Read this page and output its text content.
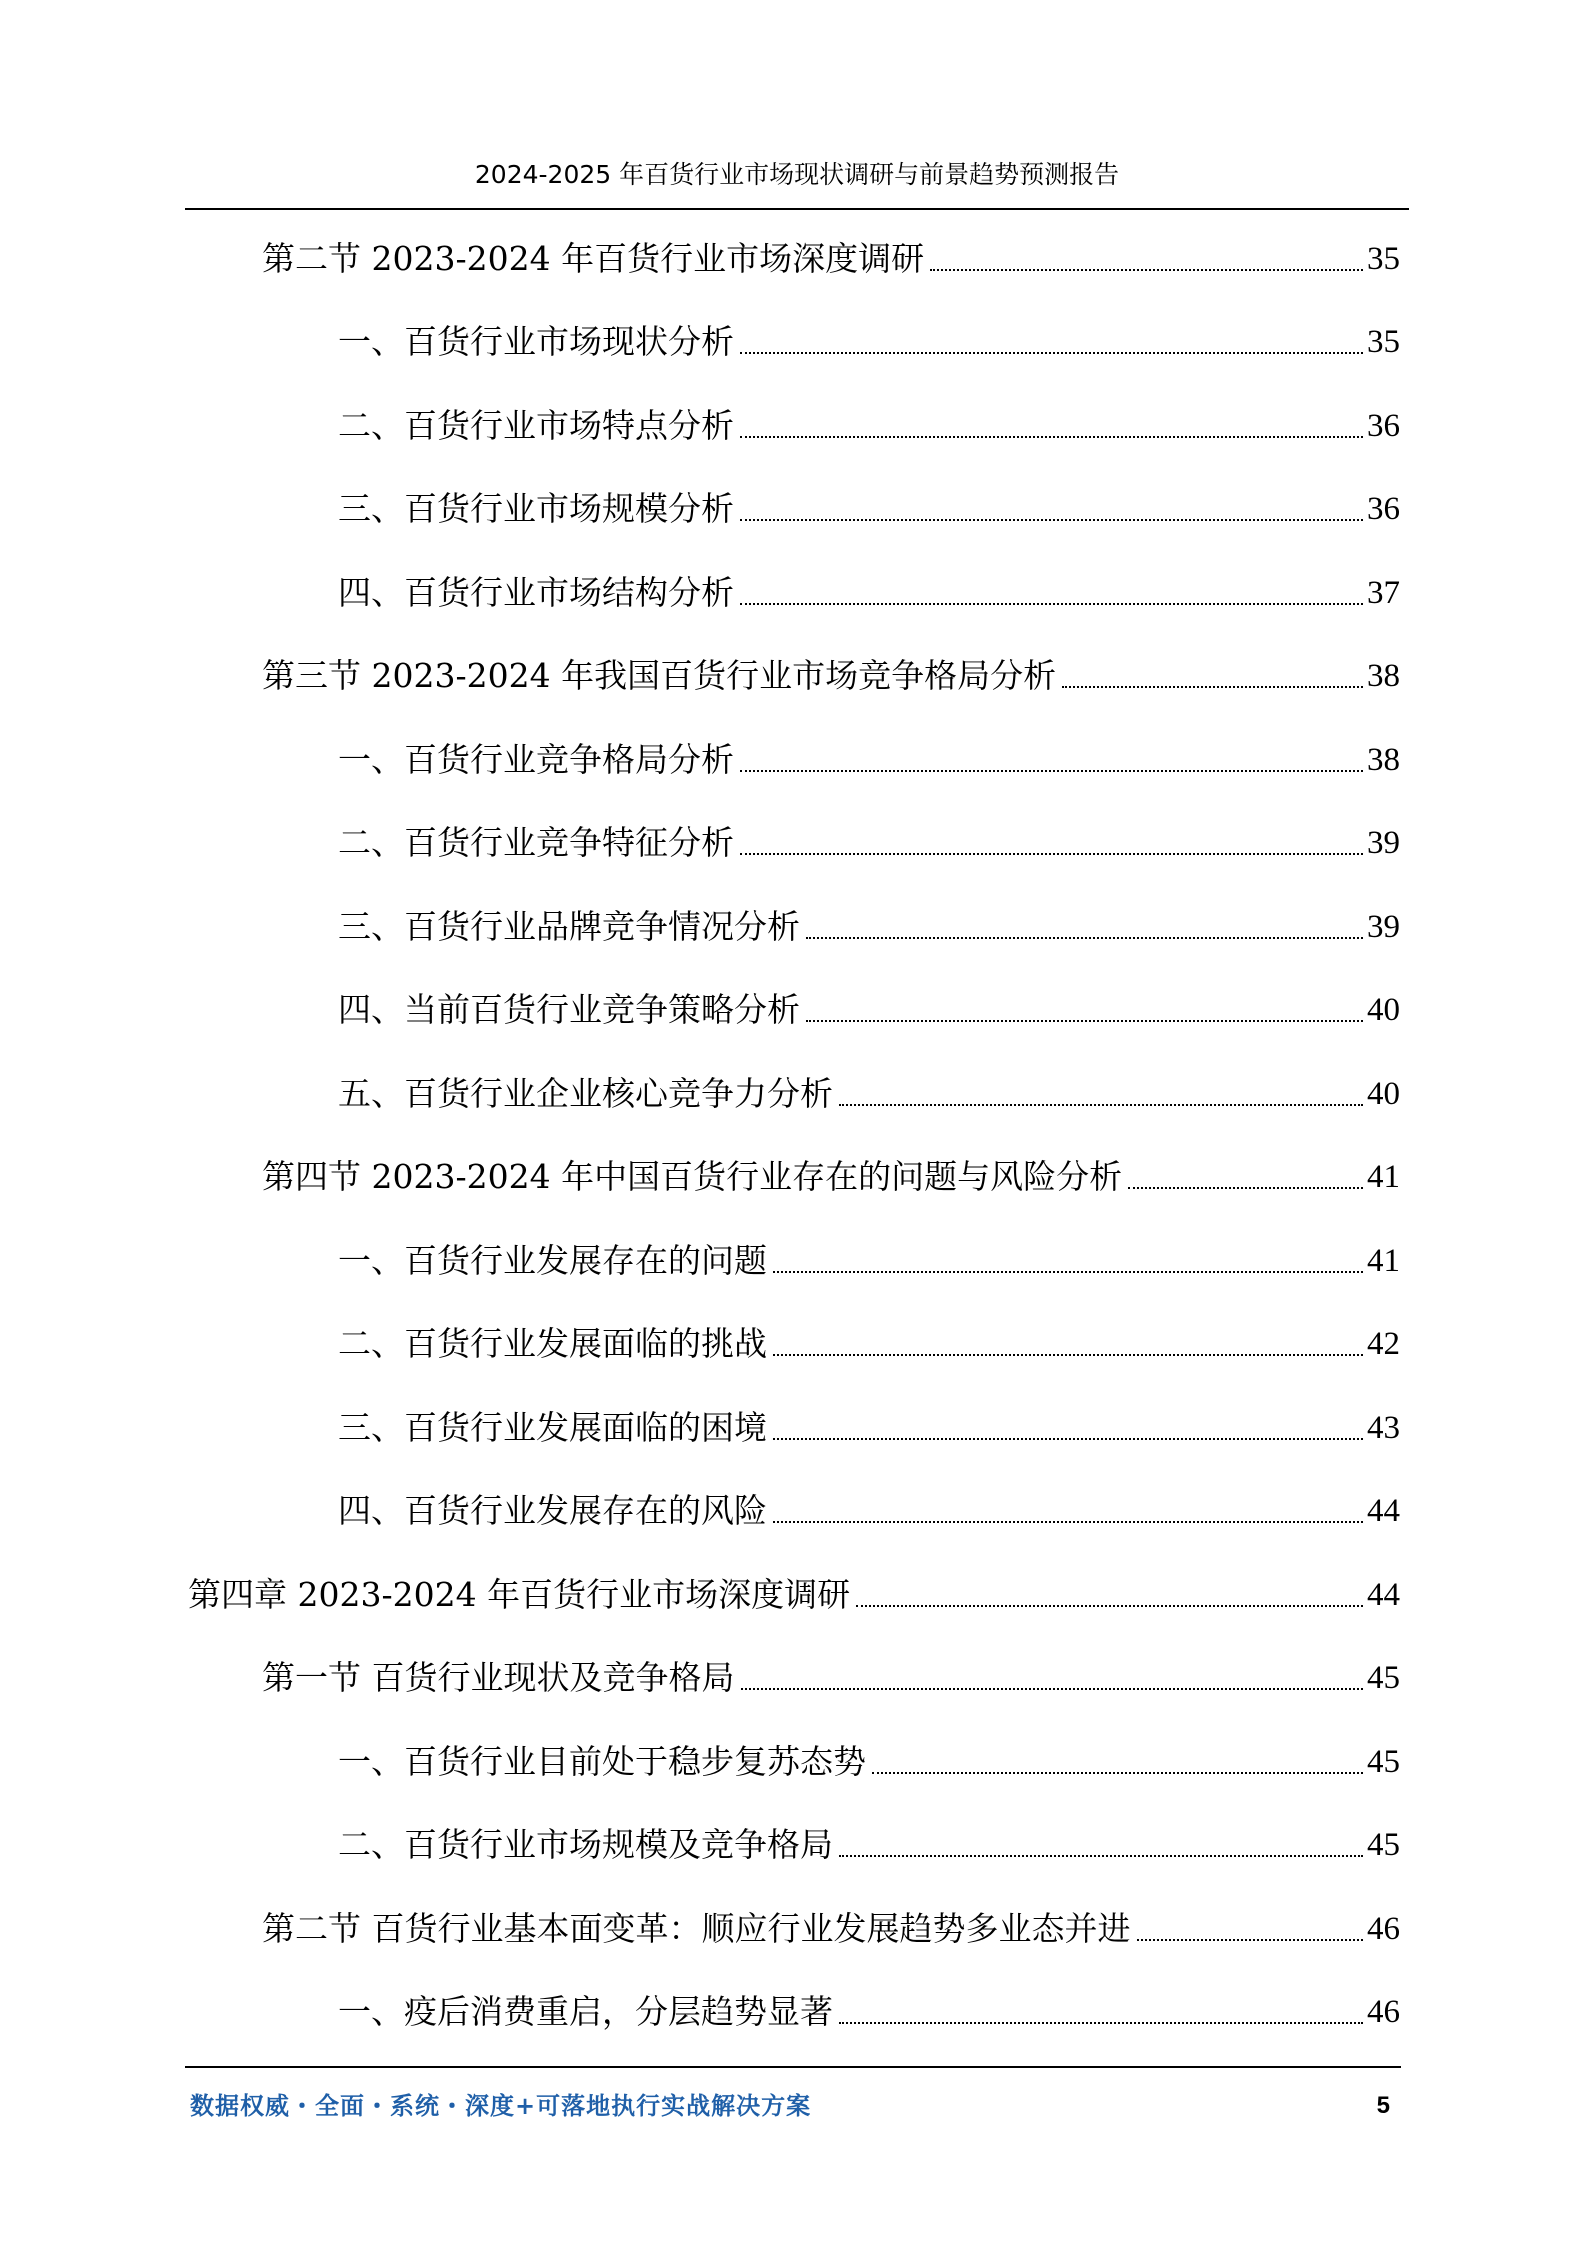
2024-2025 年百货行业市场现状调研与前景趋势预测报告
第二节 2023-2024 年百货行业市场深度调研	35
一、百货行业市场现状分析	35
二、百货行业市场特点分析	36
三、百货行业市场规模分析	36
四、百货行业市场结构分析	37
第三节 2023-2024 年我国百货行业市场竞争格局分析	38
一、百货行业竞争格局分析	38
二、百货行业竞争特征分析	39
三、百货行业品牌竞争情况分析	39
四、当前百货行业竞争策略分析	40
五、百货行业企业核心竞争力分析	40
第四节 2023-2024 年中国百货行业存在的问题与风险分析	41
一、百货行业发展存在的问题	41
二、百货行业发展面临的挑战	42
三、百货行业发展面临的困境	43
四、百货行业发展存在的风险	44
第四章 2023-2024 年百货行业市场深度调研	44
第一节 百货行业现状及竞争格局	45
一、百货行业目前处于稳步复苏态势	45
二、百货行业市场规模及竞争格局	45
第二节 百货行业基本面变革：顺应行业发展趋势多业态并进	46
一、疫后消费重启，分层趋势显著	46
数据权威・全面・系统・深度+可落地执行实战解决方案	5
